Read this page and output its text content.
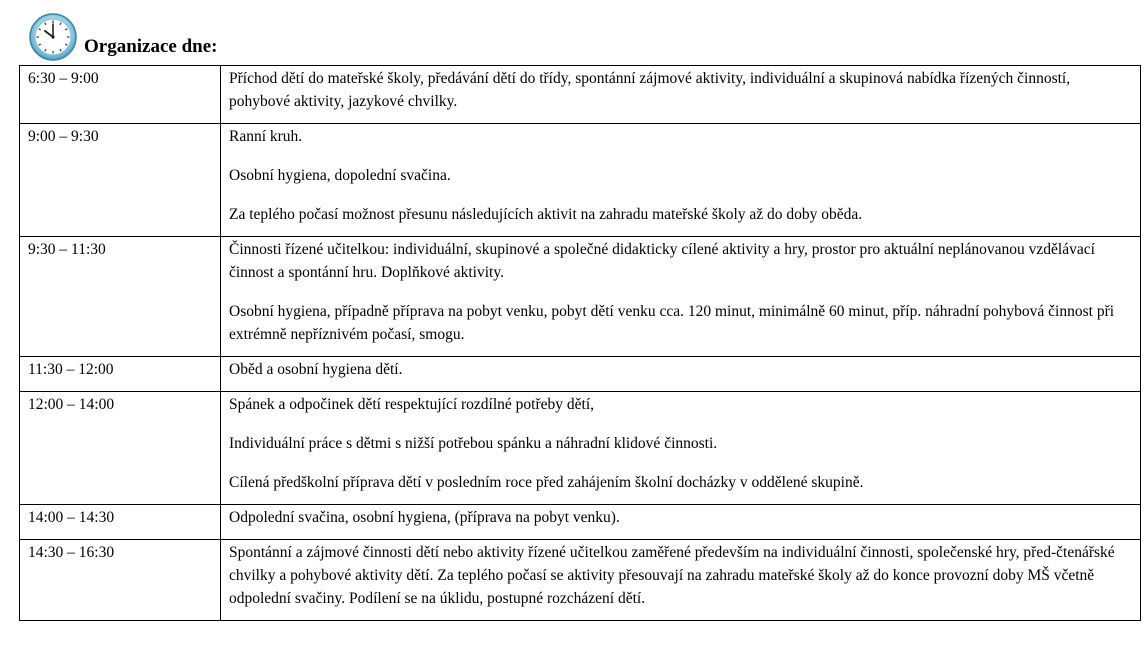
Organizace dne:
6:30 – 9:00	Příchod dětí do mateřské školy, předávání dětí do třídy, spontánní zájmové aktivity, individuální a skupinová nabídka řízených činností, pohybové aktivity, jazykové chvilky.

9:00 – 9:30	Ranní kruh.
Osobní hygiena, dopolední svačina.
Za teplého počasí možnost přesunu následujících aktivit na zahradu mateřské školy až do doby oběda.

9:30 – 11:30	Činnosti řízené učitelkou: individuální, skupinové a společné didakticky cílené aktivity a hry, prostor pro aktuální neplánovanou vzdělávací činnost a spontánní hru. Doplňkové aktivity.
Osobní hygiena, případně příprava na pobyt venku, pobyt dětí venku cca. 120 minut, minimálně 60 minut, příp. náhradní pohybová činnost při extrémně nepříznivém počasí, smogu.

11:30 – 12:00	Oběd a osobní hygiena dětí.

12:00 – 14:00	Spánek a odpočinek dětí respektující rozdílné potřeby dětí,
Individuální práce s dětmi s nižší potřebou spánku a náhradní klidové činnosti.
Cílená předškolní příprava dětí v posledním roce před zahájením školní docházky v oddělené skupině.

14:00 – 14:30	Odpolední svačina, osobní hygiena, (příprava na pobyt venku).

14:30 – 16:30	Spontánní a zájmové činnosti dětí nebo aktivity řízené učitelkou zaměřené především na individuální činnosti, společenské hry, před-čtenářské chvilky a pohybové aktivity dětí. Za teplého počasí se aktivity přesouvají na zahradu mateřské školy až do konce provozní doby MŠ včetně odpolední svačiny. Podílení se na úklidu, postupné rozcházení dětí.
